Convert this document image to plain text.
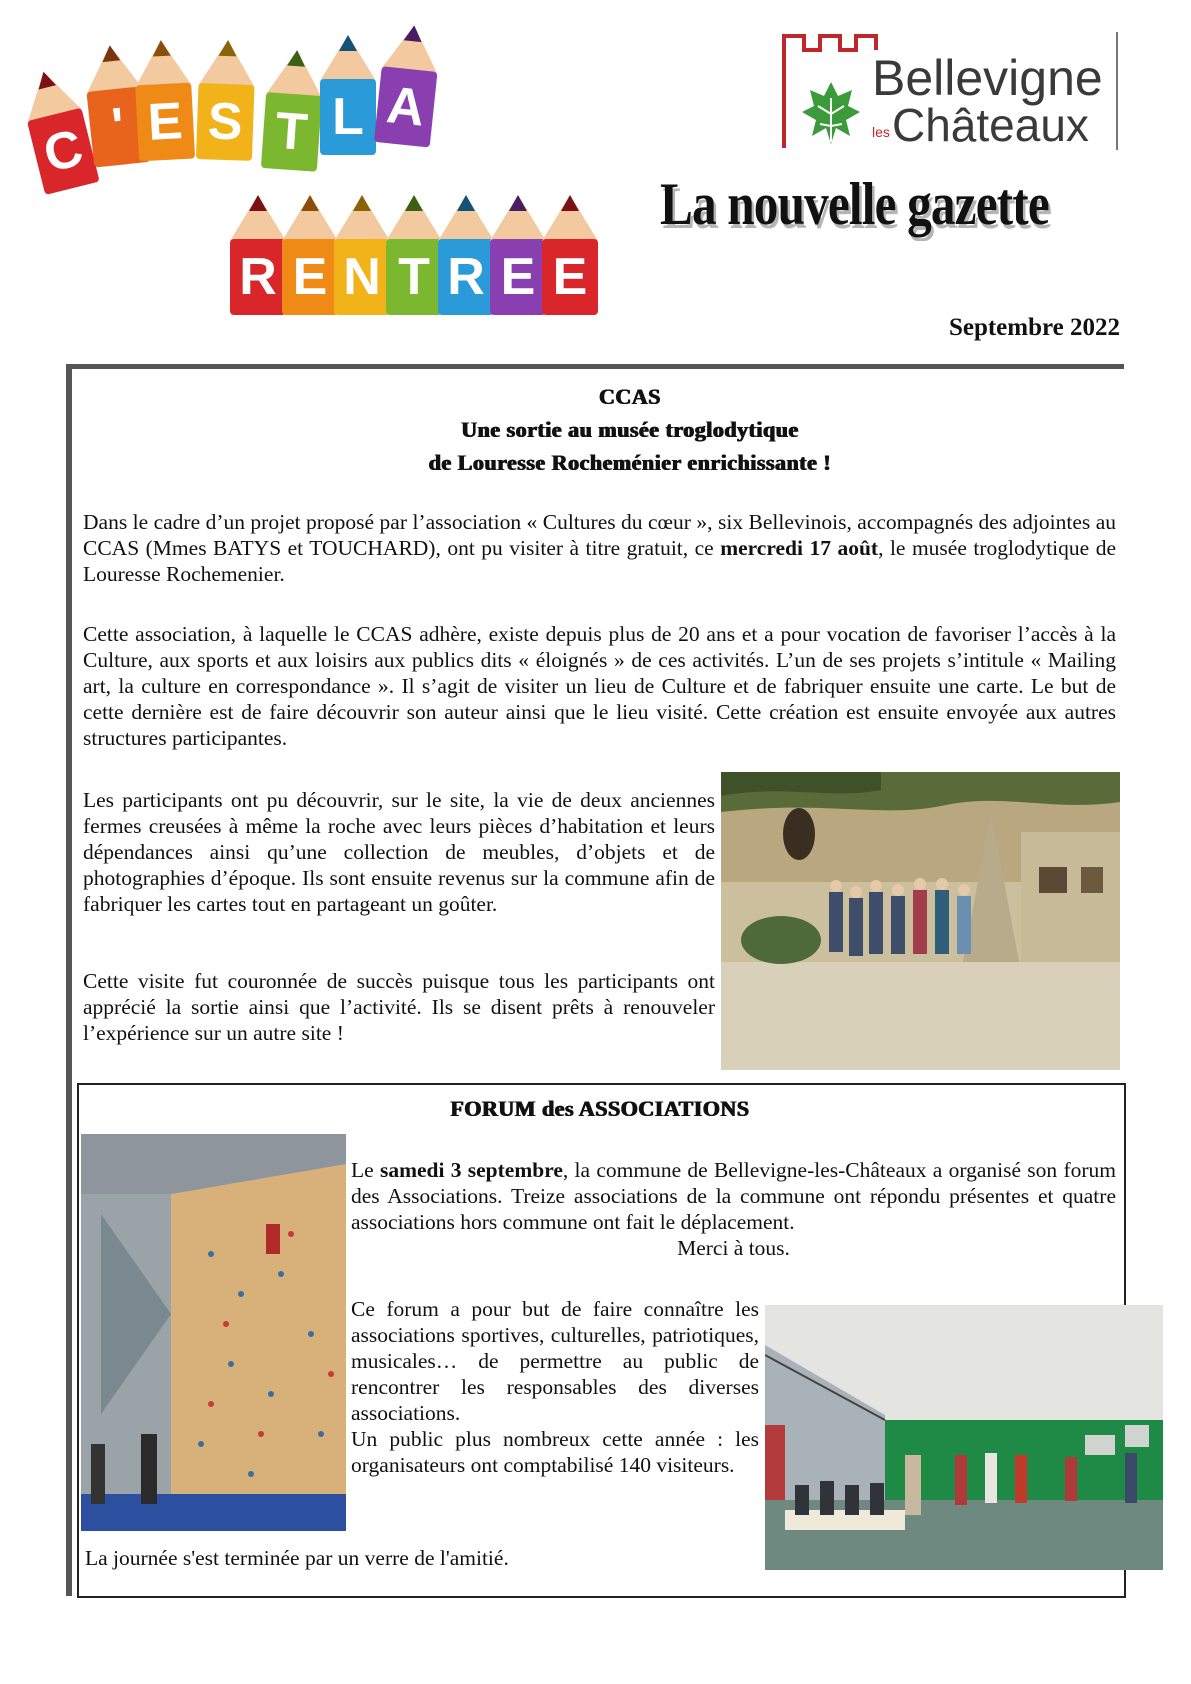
C ' E S T L A
R E N T R E E
Bellevigne
les Châteaux
La nouvelle gazette
Septembre 2022
CCAS
Une sortie au musée troglodytique
de Louresse Rocheménier enrichissante !

Dans le cadre d’un projet proposé par l’association « Cultures du cœur », six Bellevinois, accompagnés des adjointes au CCAS (Mmes BATYS et TOUCHARD), ont pu visiter à titre gratuit, ce mercredi 17 août, le musée troglodytique de Louresse Rochemenier.

Cette association, à laquelle le CCAS adhère, existe depuis plus de 20 ans et a pour vocation de favoriser l’accès à la Culture, aux sports et aux loisirs aux publics dits « éloignés » de ces activités. L’un de ses projets s’intitule « Mailing art, la culture en correspondance ». Il s’agit de visiter un lieu de Culture et de fabriquer ensuite une carte. Le but de cette dernière est de faire découvrir son auteur ainsi que le lieu visité. Cette création est ensuite envoyée aux autres structures participantes.

Les participants ont pu découvrir, sur le site, la vie de deux anciennes fermes creusées à même la roche avec leurs pièces d’habitation et leurs dépendances ainsi qu’une collection de meubles, d’objets et de photographies d’époque. Ils sont ensuite revenus sur la commune afin de fabriquer les cartes tout en partageant un goûter.

Cette visite fut couronnée de succès puisque tous les participants ont apprécié la sortie ainsi que l’activité. Ils se disent prêts à renouveler l’expérience sur un autre site !

FORUM des ASSOCIATIONS

Le samedi 3 septembre, la commune de Bellevigne-les-Châteaux a organisé son forum des Associations. Treize associations de la commune ont répondu présentes et quatre associations hors commune ont fait le déplacement.

Merci à tous.

Ce forum a pour but de faire connaître les associations sportives, culturelles, patriotiques, musicales… de permettre au public de rencontrer les responsables des diverses associations.

Un public plus nombreux cette année : les organisateurs ont comptabilisé 140 visiteurs.

La journée s'est terminée par un verre de l'amitié.
